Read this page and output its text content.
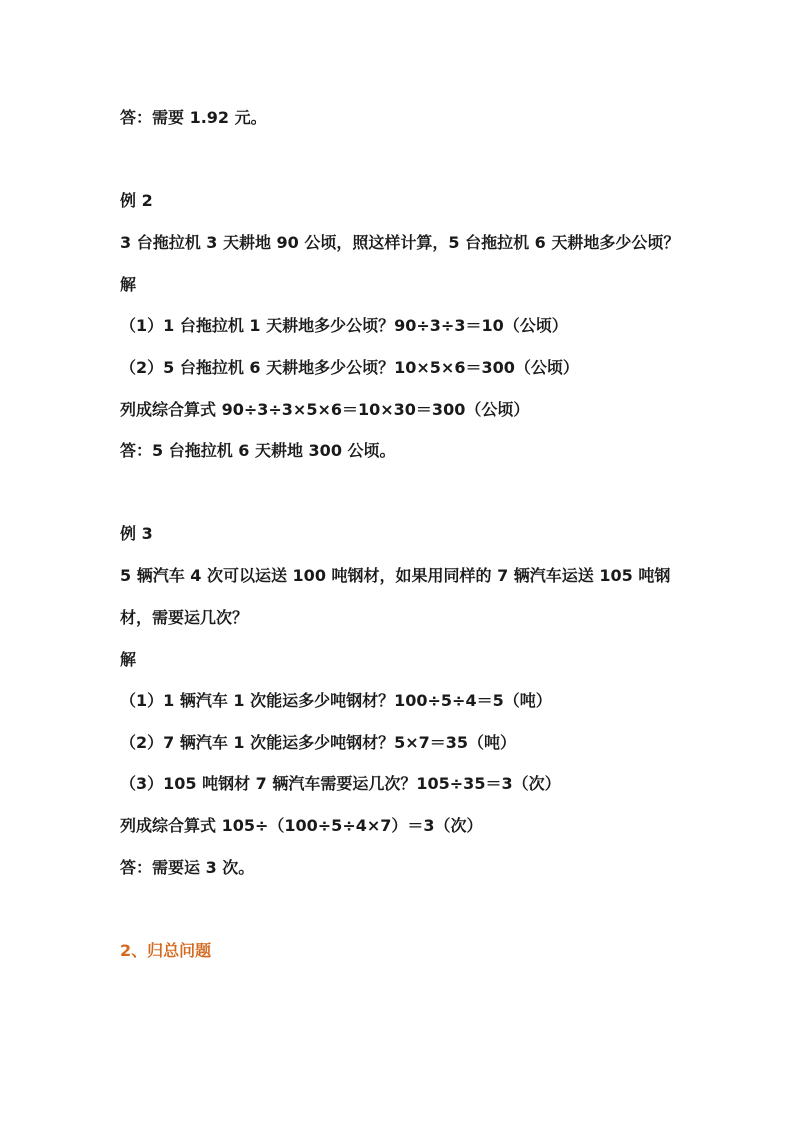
答：需要 1.92 元。
例 2
3 台拖拉机 3 天耕地 90 公顷，照这样计算，5 台拖拉机 6 天耕地多少公顷？
解
（1）1 台拖拉机 1 天耕地多少公顷？90÷3÷3＝10（公顷）
（2）5 台拖拉机 6 天耕地多少公顷？10×5×6＝300（公顷）
列成综合算式 90÷3÷3×5×6＝10×30＝300（公顷）
答：5 台拖拉机 6 天耕地 300 公顷。
例 3
5 辆汽车 4 次可以运送 100 吨钢材，如果用同样的 7 辆汽车运送 105 吨钢
材，需要运几次？
解
（1）1 辆汽车 1 次能运多少吨钢材？100÷5÷4＝5（吨）
（2）7 辆汽车 1 次能运多少吨钢材？5×7＝35（吨）
（3）105 吨钢材 7 辆汽车需要运几次？105÷35＝3（次）
列成综合算式 105÷（100÷5÷4×7）＝3（次）
答：需要运 3 次。
2、归总问题
